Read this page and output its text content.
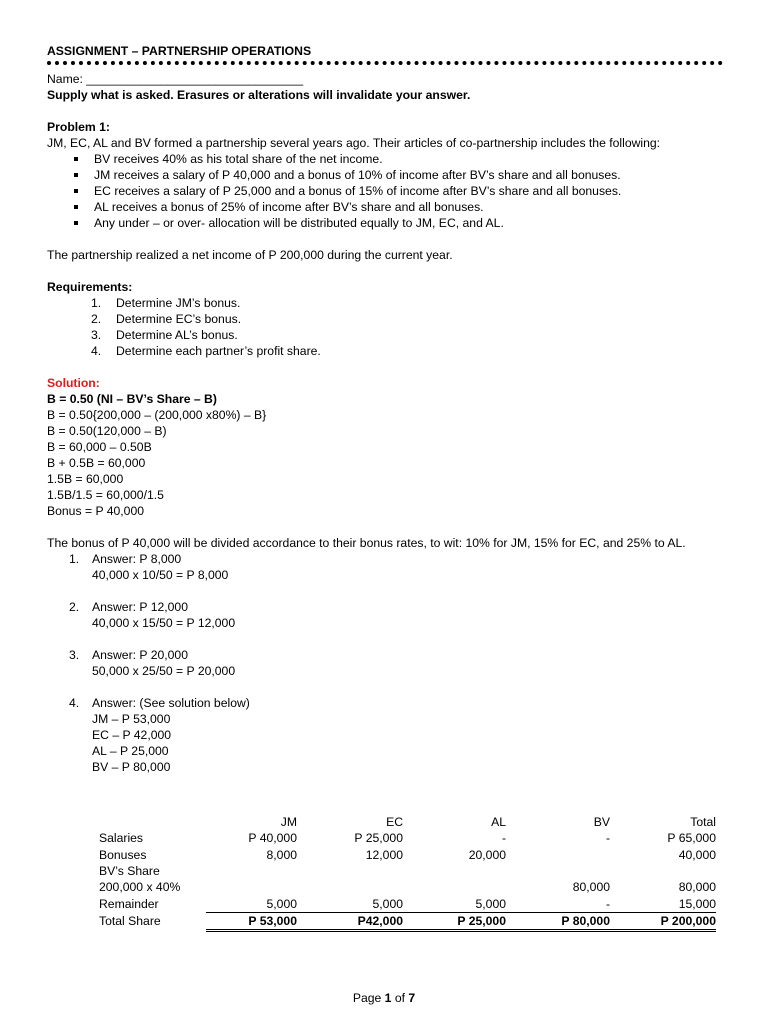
ASSIGNMENT – PARTNERSHIP OPERATIONS
Name: ________________________________
Supply what is asked. Erasures or alterations will invalidate your answer.
Problem 1:
JM, EC, AL and BV formed a partnership several years ago. Their articles of co-partnership includes the following:
BV receives 40% as his total share of the net income.
JM receives a salary of P 40,000 and a bonus of 10% of income after BV’s share and all bonuses.
EC receives a salary of P 25,000 and a bonus of 15% of income after BV’s share and all bonuses.
AL receives a bonus of 25% of income after BV’s share and all bonuses.
Any under – or over- allocation will be distributed equally to JM, EC, and AL.
The partnership realized a net income of P 200,000 during the current year.
Requirements:
1.	Determine JM’s bonus.
2.	Determine EC’s bonus.
3.	Determine AL’s bonus.
4.	Determine each partner’s profit share.
Solution:
B = 0.50 (NI – BV’s Share – B)
B = 0.50{200,000 – (200,000 x80%) – B}
B = 0.50(120,000 – B)
B = 60,000 – 0.50B
B + 0.5B = 60,000
1.5B = 60,000
1.5B/1.5 = 60,000/1.5
Bonus = P 40,000
The bonus of P 40,000 will be divided accordance to their bonus rates, to wit: 10% for JM, 15% for EC, and 25% to AL.
1.	Answer: P 8,000
40,000 x 10/50 = P 8,000
2.	Answer: P 12,000
40,000 x 15/50 = P 12,000
3.	Answer: P 20,000
50,000 x 25/50 = P 20,000
4.	Answer: (See solution below)
JM – P 53,000
EC – P 42,000
AL – P 25,000
BV – P 80,000
	JM	EC	AL	BV	Total
Salaries	P 40,000	P 25,000	-	-	P 65,000
Bonuses	8,000	12,000	20,000		40,000
BV’s Share					
200,000 x 40%				80,000	80,000
Remainder	5,000	5,000	5,000	-	15,000
Total Share	P 53,000	P42,000	P 25,000	P 80,000	P 200,000
Page 1 of 7
